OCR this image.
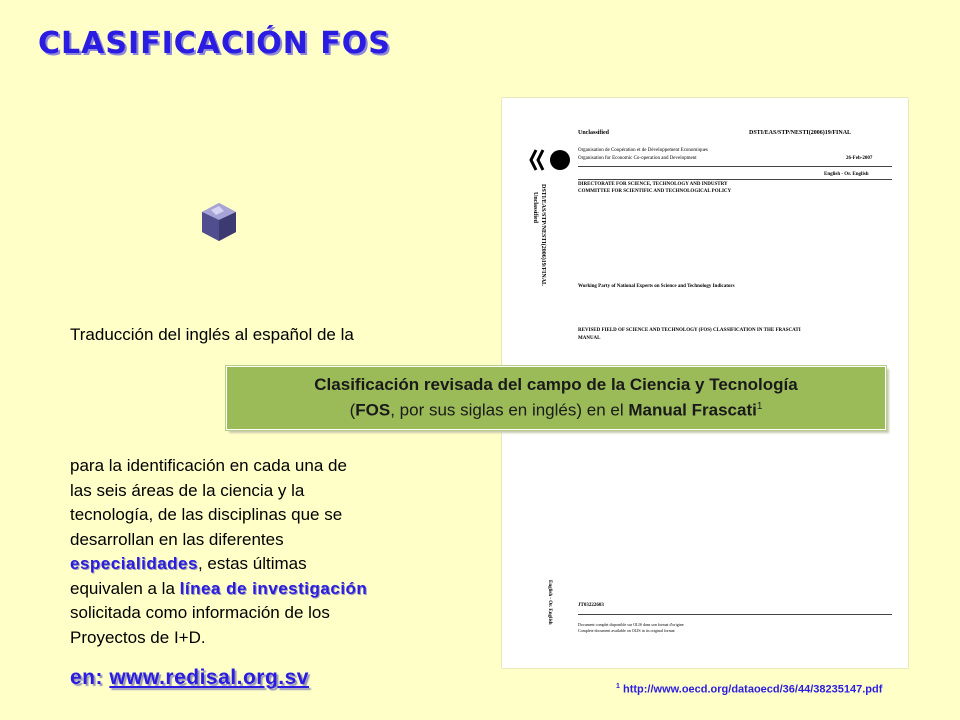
CLASIFICACIÓN FOS
Traducción del inglés al español de la
para la identificación en cada una de
las seis áreas de la ciencia y la
tecnología, de las disciplinas que se
desarrollan en las diferentes
especialidades, estas últimas
equivalen a la línea de investigación
solicitada como información de los
Proyectos de I+D.
en: www.redisal.org.sv
Unclassified	DSTI/EAS/STP/NESTI(2006)19/FINAL
Organisation de Coopération et de Développement Economiques
Organisation for Economic Co-operation and Development	26-Feb-2007
English - Or. English
DIRECTORATE FOR SCIENCE, TECHNOLOGY AND INDUSTRY
COMMITTEE FOR SCIENTIFIC AND TECHNOLOGICAL POLICY
DSTI/EAS/STP/NESTI(2006)19/FINAL
Unclassified
Working Party of National Experts on Science and Technology Indicators
REVISED FIELD OF SCIENCE AND TECHNOLOGY (FOS) CLASSIFICATION IN THE FRASCATI
MANUAL
English - Or. English	JT03222603
Document complet disponible sur OLIS dans son format d'origine
Complete document available on OLIS in its original format
Clasificación revisada del campo de la Ciencia y Tecnología
(FOS, por sus siglas en inglés) en el Manual Frascati$^1$
$^1$ http://www.oecd.org/dataoecd/36/44/38235147.pdf
